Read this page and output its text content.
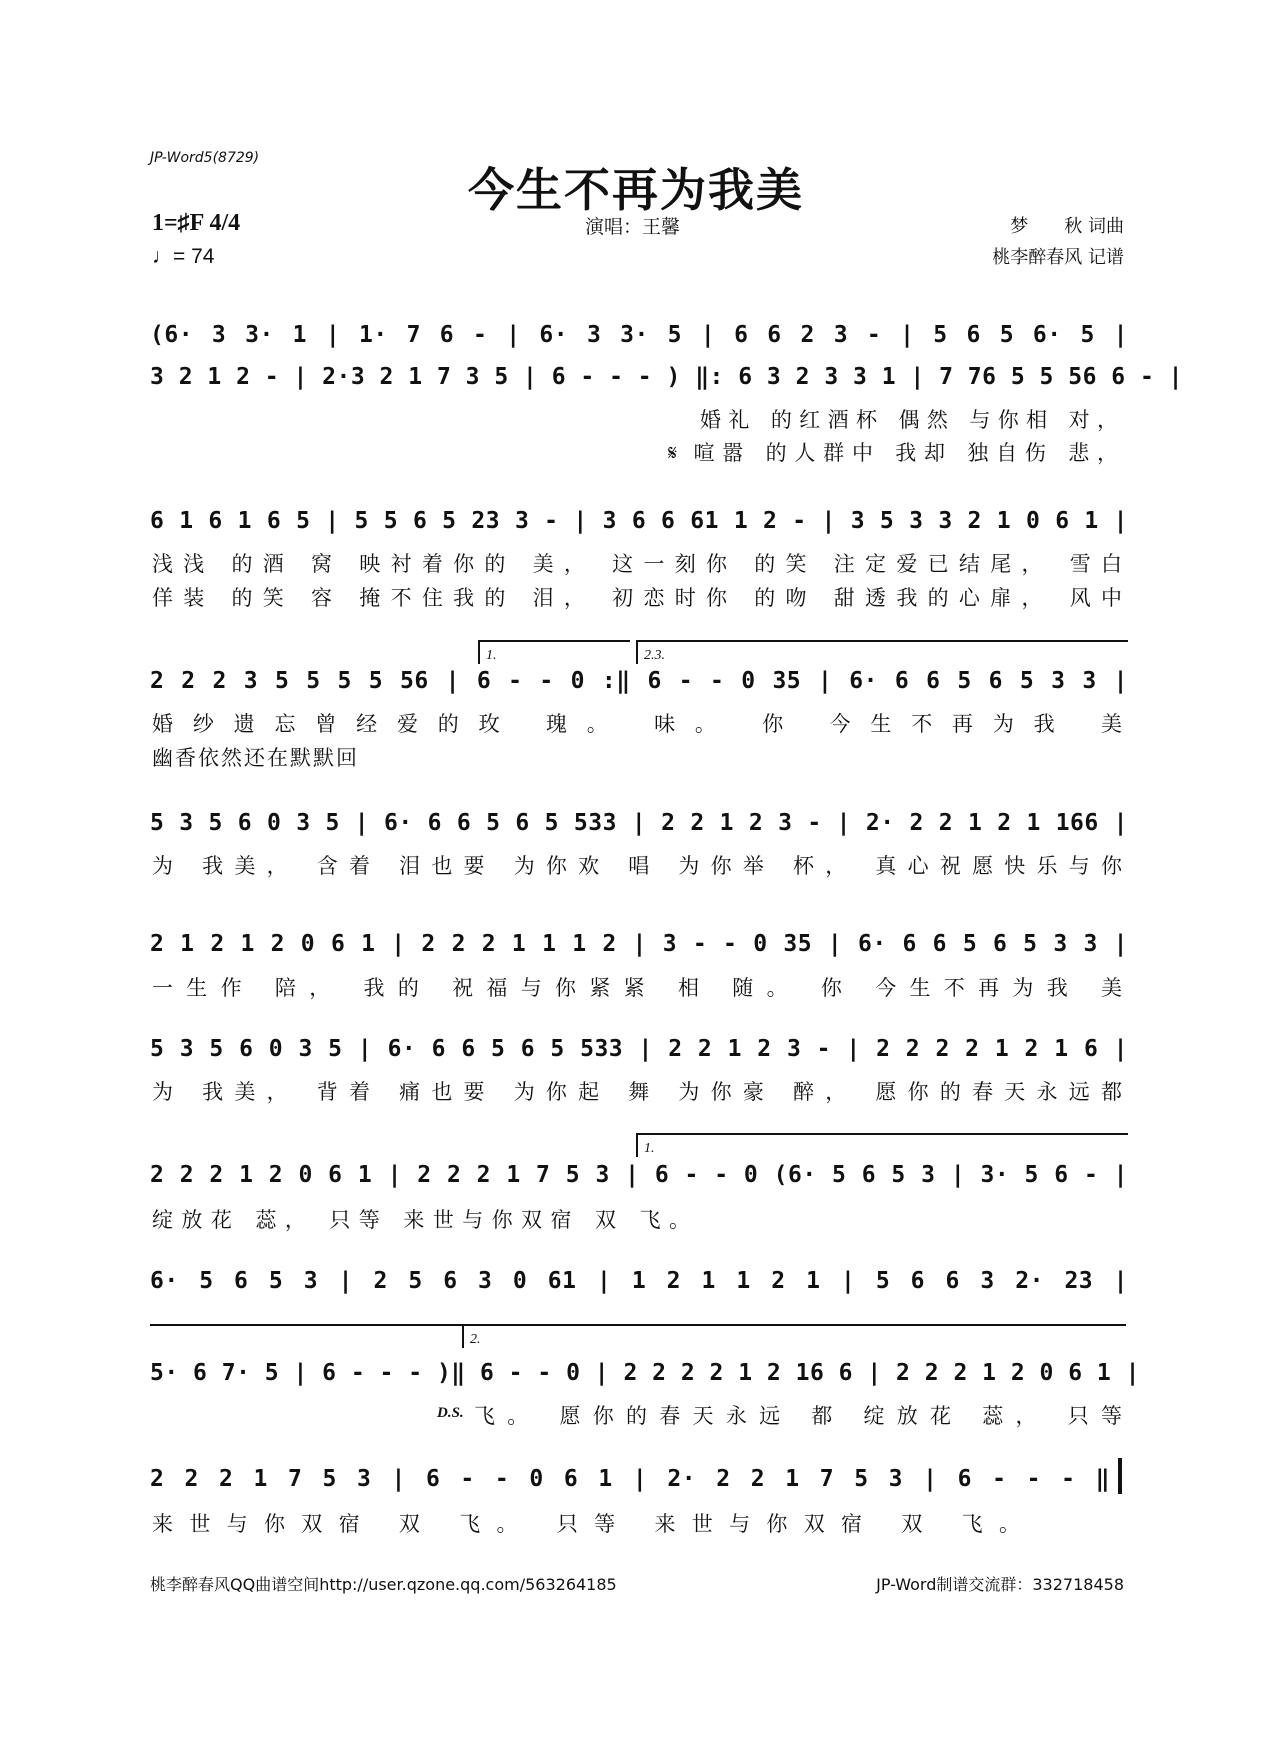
JP-Word5(8729)
今生不再为我美
1=♯F 4/4
♩= 74
演唱：王馨	梦　　秋 词曲
桃李醉春风 记谱
(6· 3 3· 1 | 1· 7 6 - | 6· 3 3· 5 | 6 6 2 3 - | 5 6 5 6· 5 |
3 2 1 2 - | 2·3 2 1 7 3 5 | 6 - - - ) ‖: 6 3 2 3 3 1 | 7 76 5 5 56 6 - |
婚礼 的红酒杯 偶然 与你相 对，
𝄋 喧嚣 的人群中 我却 独自伤 悲，
6 1 6 1 6 5 | 5 5 6 5 23 3 - | 3 6 6 61 1 2 - | 3 5 3 3 2 1 0 6 1 |
浅浅 的酒 窝 映衬着你的 美， 这一刻你 的笑 注定爱已结尾， 雪白
佯装 的笑 容 掩不住我的 泪， 初恋时你 的吻 甜透我的心扉， 风中
1.	2.3.
2 2 2 3 5 5 5 5 56 | 6 - - 0 :‖ 6 - - 0 35 | 6· 6 6 5 6 5 3 3 |
婚纱遗忘曾经爱的玫 瑰。 味。 你 今生不再为我 美
幽香依然还在默默回
5 3 5 6 0 3 5 | 6· 6 6 5 6 5 533 | 2 2 1 2 3 - | 2· 2 2 1 2 1 166 |
为 我美， 含着 泪也要 为你欢 唱 为你举 杯， 真心祝愿快乐与你
2 1 2 1 2 0 6 1 | 2 2 2 1 1 1 2 | 3 - - 0 35 | 6· 6 6 5 6 5 3 3 |
一生作 陪， 我的 祝福与你紧紧 相 随。 你 今生不再为我 美
5 3 5 6 0 3 5 | 6· 6 6 5 6 5 533 | 2 2 1 2 3 - | 2 2 2 2 1 2 1 6 |
为 我美， 背着 痛也要 为你起 舞 为你豪 醉， 愿你的春天永远都
1.
2 2 2 1 2 0 6 1 | 2 2 2 1 7 5 3 | 6 - - 0 (6· 5 6 5 3 | 3· 5 6 - |
绽放花 蕊， 只等 来世与你双宿 双 飞。
6· 5 6 5 3 | 2 5 6 3 0 61 | 1 2 1 1 2 1 | 5 6 6 3 2· 23 |
2.
5· 6 7· 5 | 6 - - - )‖ 6 - - 0 | 2 2 2 2 1 2 16 6 | 2 2 2 1 2 0 6 1 |
D.S. 飞。 愿你的春天永远 都 绽放花 蕊， 只等
2 2 2 1 7 5 3 | 6 - - 0 6 1 | 2· 2 2 1 7 5 3 | 6 - - - ‖
来世与你双宿 双 飞。 只等 来世与你双宿 双 飞。
桃李醉春风QQ曲谱空间http://user.qzone.qq.com/563264185	JP-Word制谱交流群：332718458
